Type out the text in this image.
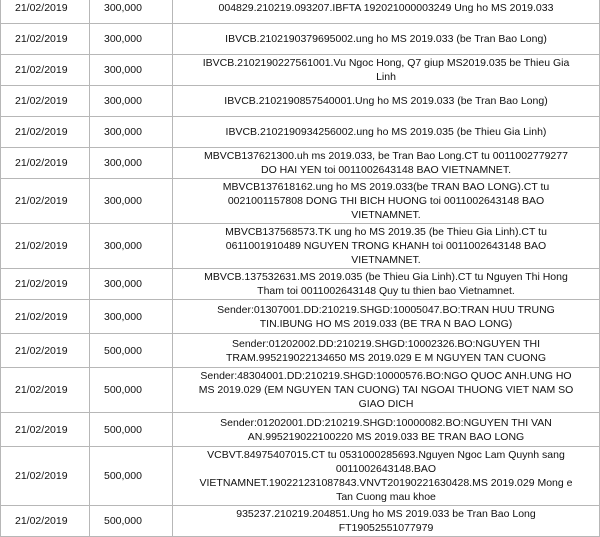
21/02/2019	300,000	004829.210219.093207.IBFTA 192021000003249 Ung ho MS 2019.033
21/02/2019	300,000	IBVCB.2102190379695002.ung ho MS 2019.033 (be Tran Bao Long)
21/02/2019	300,000	IBVCB.2102190227561001.Vu Ngoc Hong, Q7 giup MS2019.035 be Thieu Gia Linh
21/02/2019	300,000	IBVCB.2102190857540001.Ung ho MS 2019.033 (be Tran Bao Long)
21/02/2019	300,000	IBVCB.2102190934256002.ung ho MS 2019.035 (be Thieu Gia Linh)
21/02/2019	300,000	MBVCB137621300.uh ms 2019.033, be Tran Bao Long.CT tu 0011002779277 DO HAI YEN toi 0011002643148 BAO VIETNAMNET.
21/02/2019	300,000	MBVCB137618162.ung ho MS 2019.033(be TRAN BAO LONG).CT tu 0021001157808 DONG THI BICH HUONG toi 0011002643148 BAO VIETNAMNET.
21/02/2019	300,000	MBVCB137568573.TK ung ho MS 2019.35 (be Thieu Gia Linh).CT tu 0611001910489 NGUYEN TRONG KHANH toi 0011002643148 BAO VIETNAMNET.
21/02/2019	300,000	MBVCB.137532631.MS 2019.035 (be Thieu Gia Linh).CT tu Nguyen Thi Hong Tham toi 0011002643148 Quy tu thien bao Vietnamnet.
21/02/2019	300,000	Sender:01307001.DD:210219.SHGD:10005047.BO:TRAN HUU TRUNG TIN.IBUNG HO MS 2019.033 (BE TRA N BAO LONG)
21/02/2019	500,000	Sender:01202002.DD:210219.SHGD:10002326.BO:NGUYEN THI TRAM.995219022134650 MS 2019.029 E M NGUYEN TAN CUONG
21/02/2019	500,000	Sender:48304001.DD:210219.SHGD:10000576.BO:NGO QUOC ANH.UNG HO MS 2019.029 (EM NGUYEN TAN CUONG) TAI NGOAI THUONG VIET NAM SO GIAO DICH
21/02/2019	500,000	Sender:01202001.DD:210219.SHGD:10000082.BO:NGUYEN THI VAN AN.995219022100220 MS 2019.033 BE TRAN BAO LONG
21/02/2019	500,000	VCBVT.84975407015.CT tu 0531000285693.Nguyen Ngoc Lam Quynh sang 0011002643148.BAO VIETNAMNET.190221231087843.VNVT20190221630428.MS 2019.029 Mong e Tan Cuong mau khoe
21/02/2019	500,000	935237.210219.204851.Ung ho MS 2019.033 be Tran Bao Long FT19052551077979
